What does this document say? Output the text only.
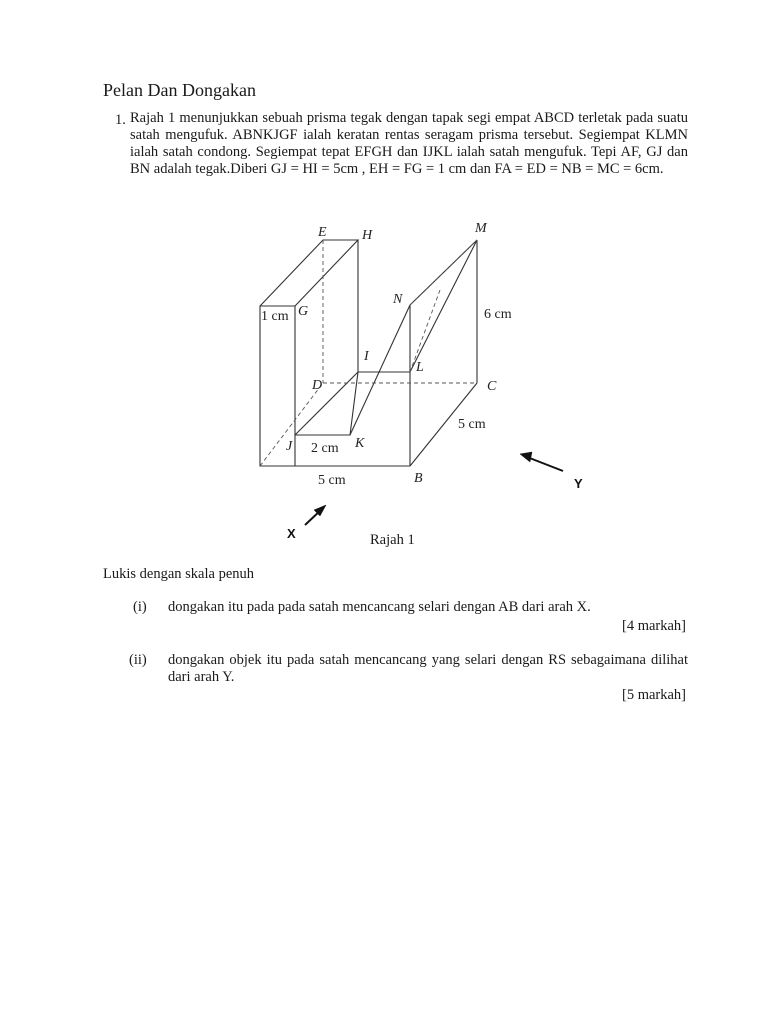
Pelan Dan Dongakan
1. Rajah 1 menunjukkan sebuah prisma tegak dengan tapak segi empat ABCD terletak pada suatu satah mengufuk. ABNKJGF ialah keratan rentas seragam prisma tersebut. Segiempat KLMN ialah satah condong. Segiempat tepat EFGH dan IJKL ialah satah mengufuk. Tepi AF, GJ dan BN adalah tegak.Diberi GJ = HI = 5cm , EH = FG = 1 cm dan FA = ED = NB = MC = 6cm.
E	H	M
N
G
I
L
D	C
J	K
B
1 cm	6 cm
5 cm
2 cm
5 cm
X
Y
Rajah 1
Lukis dengan skala penuh
(i) dongakan itu pada pada satah mencancang selari dengan AB dari arah X.
[4 markah]
(ii) dongakan objek itu pada satah mencancang yang selari dengan RS sebagaimana dilihat dari arah Y.
[5 markah]
